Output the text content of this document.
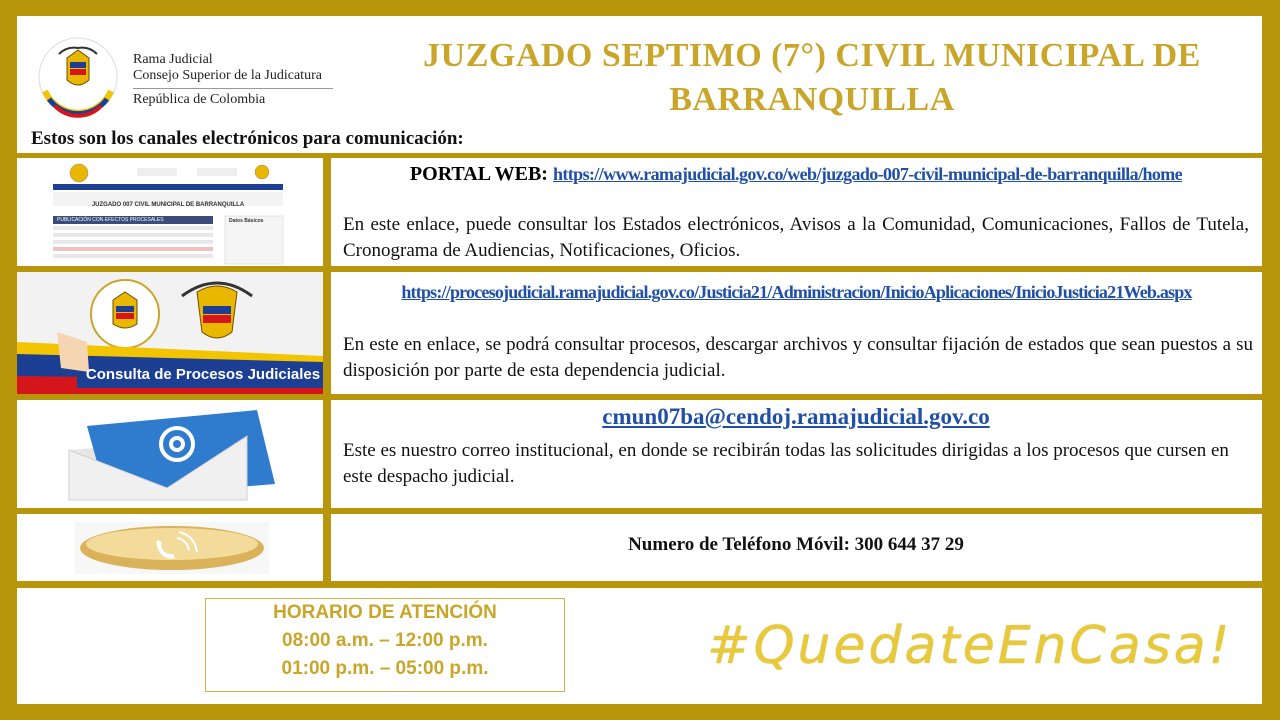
Rama Judicial
Consejo Superior de la Judicatura
República de Colombia
JUZGADO SEPTIMO (7°) CIVIL MUNICIPAL DE BARRANQUILLA
Estos son los canales electrónicos para comunicación:
JUZGADO 007 CIVIL MUNICIPAL DE BARRANQUILLA
PUBLICACIÓN CON EFECTOS PROCESALES	Datos Básicos
PORTAL WEB: https://www.ramajudicial.gov.co/web/juzgado-007-civil-municipal-de-barranquilla/home
En este enlace, puede consultar los Estados electrónicos, Avisos a la Comunidad, Comunicaciones, Fallos de Tutela, Cronograma de Audiencias, Notificaciones, Oficios.
Consulta de Procesos Judiciales
https://procesojudicial.ramajudicial.gov.co/Justicia21/Administracion/InicioAplicaciones/InicioJusticia21Web.aspx
En este en enlace, se podrá consultar procesos, descargar archivos y consultar fijación de estados que sean puestos a su disposición por parte de esta dependencia judicial.
cmun07ba@cendoj.ramajudicial.gov.co
Este es nuestro correo institucional, en donde se recibirán todas las solicitudes dirigidas a los procesos que cursen en este despacho judicial.
Numero de Teléfono Móvil: 300 644 37 29
HORARIO DE ATENCIÓN
08:00 a.m. – 12:00 p.m.
01:00 p.m. – 05:00 p.m.	#QuedateEnCasa!
